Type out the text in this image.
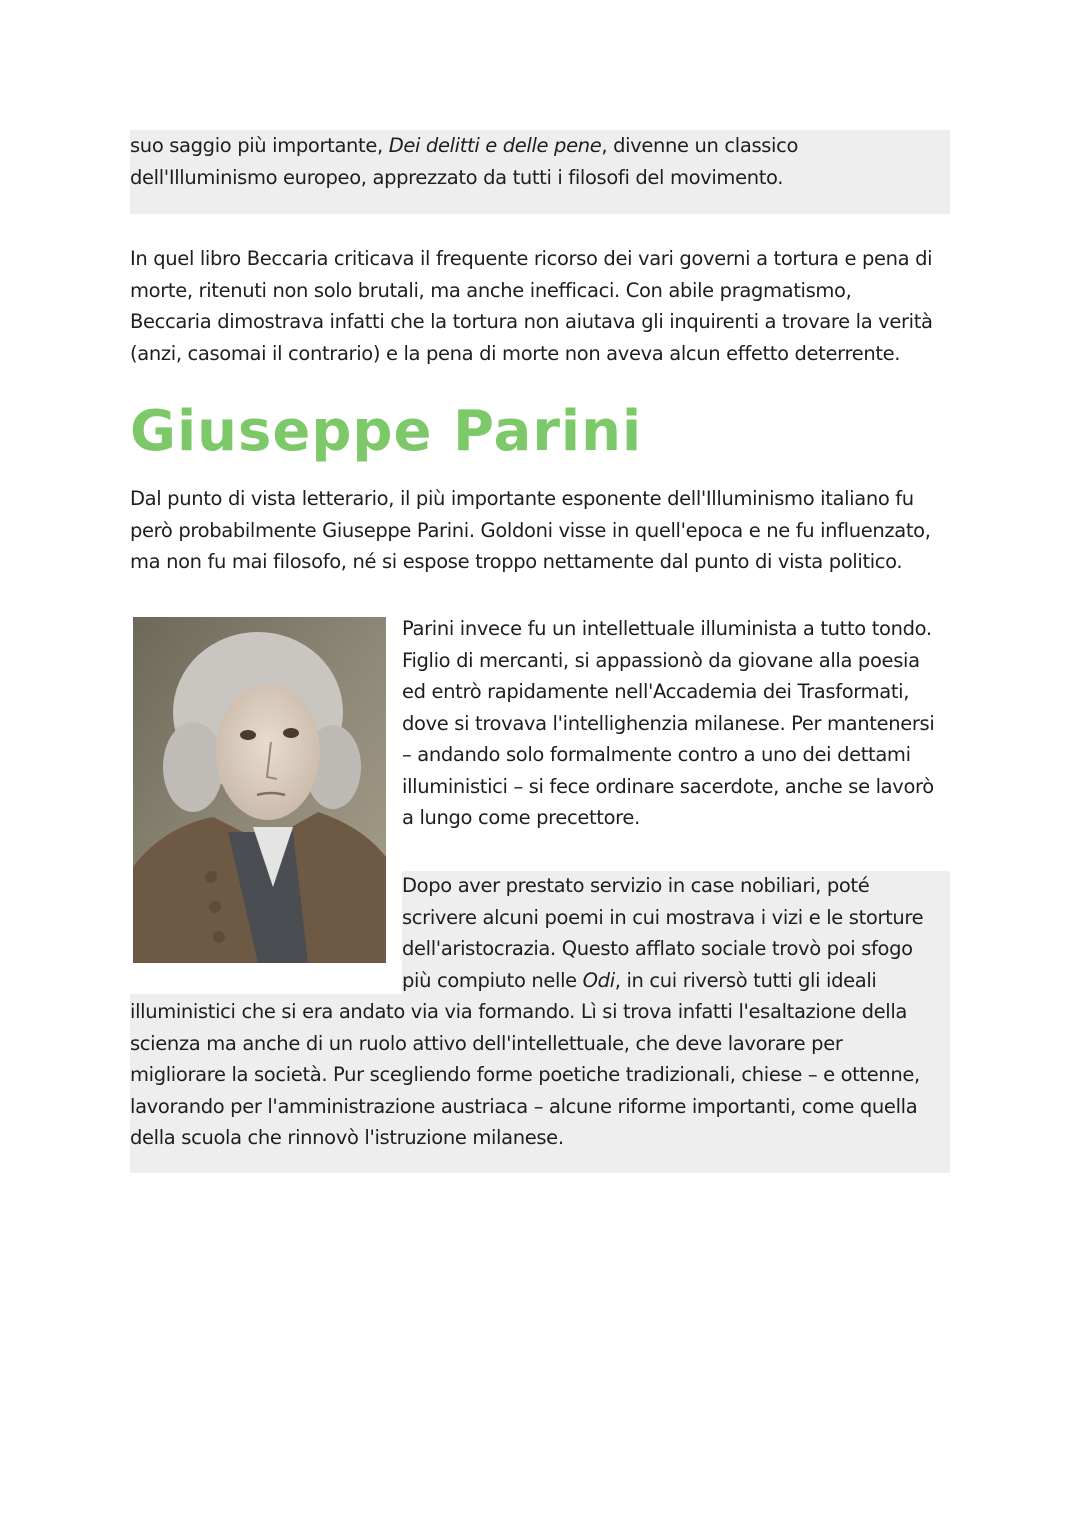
suo saggio più importante, Dei delitti e delle pene, divenne un classico
dell'Illuminismo europeo, apprezzato da tutti i filosofi del movimento.

In quel libro Beccaria criticava il frequente ricorso dei vari governi a tortura e pena di
morte, ritenuti non solo brutali, ma anche inefficaci. Con abile pragmatismo,
Beccaria dimostrava infatti che la tortura non aiutava gli inquirenti a trovare la verità
(anzi, casomai il contrario) e la pena di morte non aveva alcun effetto deterrente.

Giuseppe Parini

Dal punto di vista letterario, il più importante esponente dell'Illuminismo italiano fu
però probabilmente Giuseppe Parini. Goldoni visse in quell'epoca e ne fu influenzato,
ma non fu mai filosofo, né si espose troppo nettamente dal punto di vista politico.

Parini invece fu un intellettuale illuminista a tutto tondo.
Figlio di mercanti, si appassionò da giovane alla poesia
ed entrò rapidamente nell'Accademia dei Trasformati,
dove si trovava l'intellighenzia milanese. Per mantenersi
– andando solo formalmente contro a uno dei dettami
illuministici – si fece ordinare sacerdote, anche se lavorò
a lungo come precettore.

Dopo aver prestato servizio in case nobiliari, poté
scrivere alcuni poemi in cui mostrava i vizi e le storture
dell'aristocrazia. Questo afflato sociale trovò poi sfogo
più compiuto nelle Odi, in cui riversò tutti gli ideali
illuministici che si era andato via via formando. Lì si trova infatti l'esaltazione della
scienza ma anche di un ruolo attivo dell'intellettuale, che deve lavorare per
migliorare la società. Pur scegliendo forme poetiche tradizionali, chiese – e ottenne,
lavorando per l'amministrazione austriaca – alcune riforme importanti, come quella
della scuola che rinnovò l'istruzione milanese.
